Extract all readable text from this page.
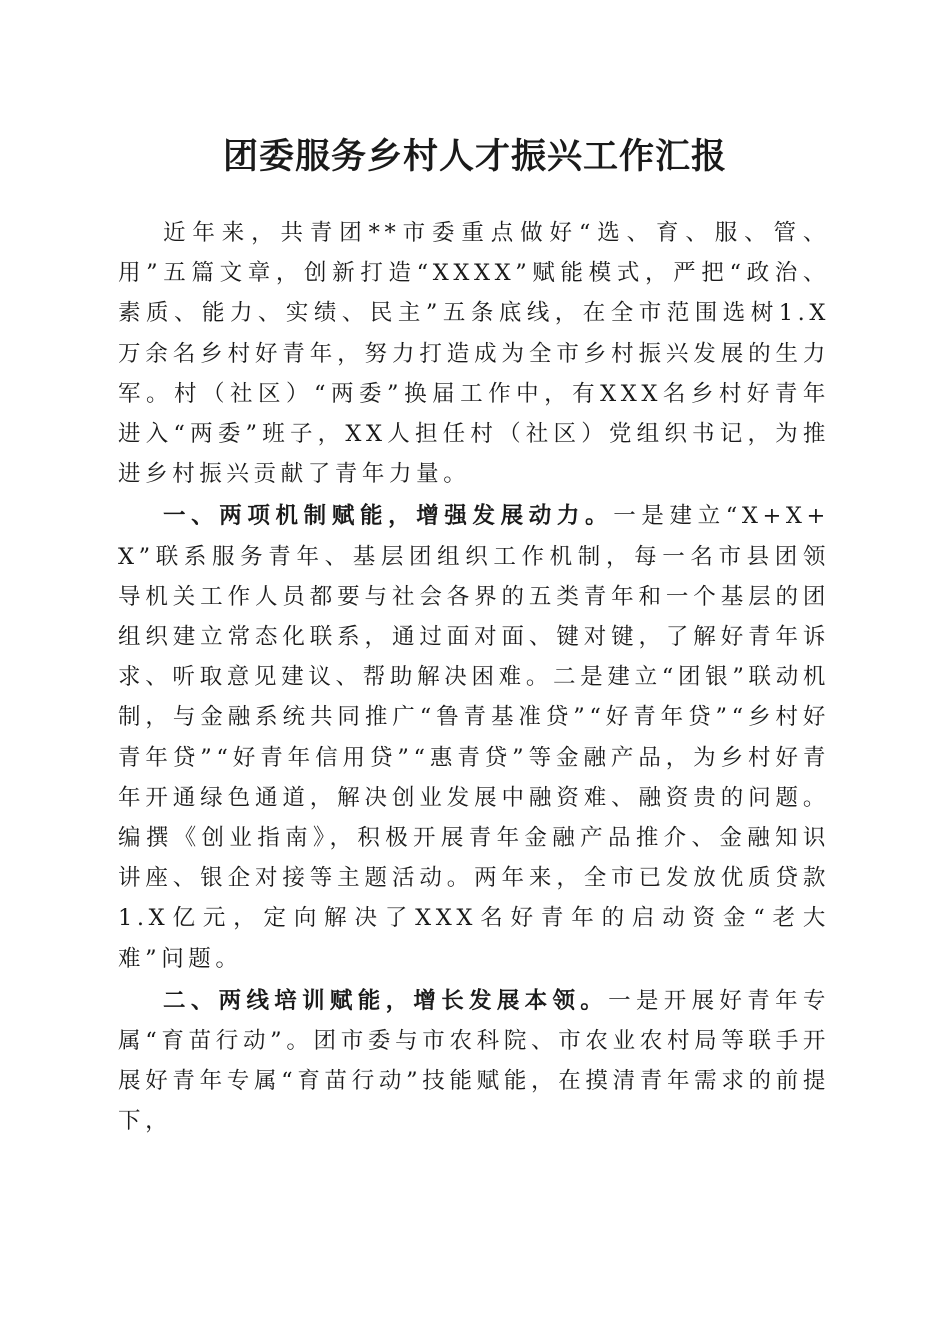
团委服务乡村人才振兴工作汇报

近年来，共青团**市委重点做好“选、育、服、管、用”五篇文章，创新打造“XXXX”赋能模式，严把“政治、素质、能力、实绩、民主”五条底线，在全市范围选树1.X万余名乡村好青年，努力打造成为全市乡村振兴发展的生力军。村（社区）“两委”换届工作中，有XXX名乡村好青年进入“两委”班子，XX人担任村（社区）党组织书记，为推进乡村振兴贡献了青年力量。

一、两项机制赋能，增强发展动力。一是建立“X+X+X”联系服务青年、基层团组织工作机制，每一名市县团领导机关工作人员都要与社会各界的五类青年和一个基层的团组织建立常态化联系，通过面对面、键对键，了解好青年诉求、听取意见建议、帮助解决困难。二是建立“团银”联动机制，与金融系统共同推广“鲁青基准贷”“好青年贷”“乡村好青年贷”“好青年信用贷”“惠青贷”等金融产品，为乡村好青年开通绿色通道，解决创业发展中融资难、融资贵的问题。编撰《创业指南》，积极开展青年金融产品推介、金融知识讲座、银企对接等主题活动。两年来，全市已发放优质贷款1.X亿元，定向解决了XXX名好青年的启动资金“老大难”问题。

二、两线培训赋能，增长发展本领。一是开展好青年专属“育苗行动”。团市委与市农科院、市农业农村局等联手开展好青年专属“育苗行动”技能赋能，在摸清青年需求的前提下，
